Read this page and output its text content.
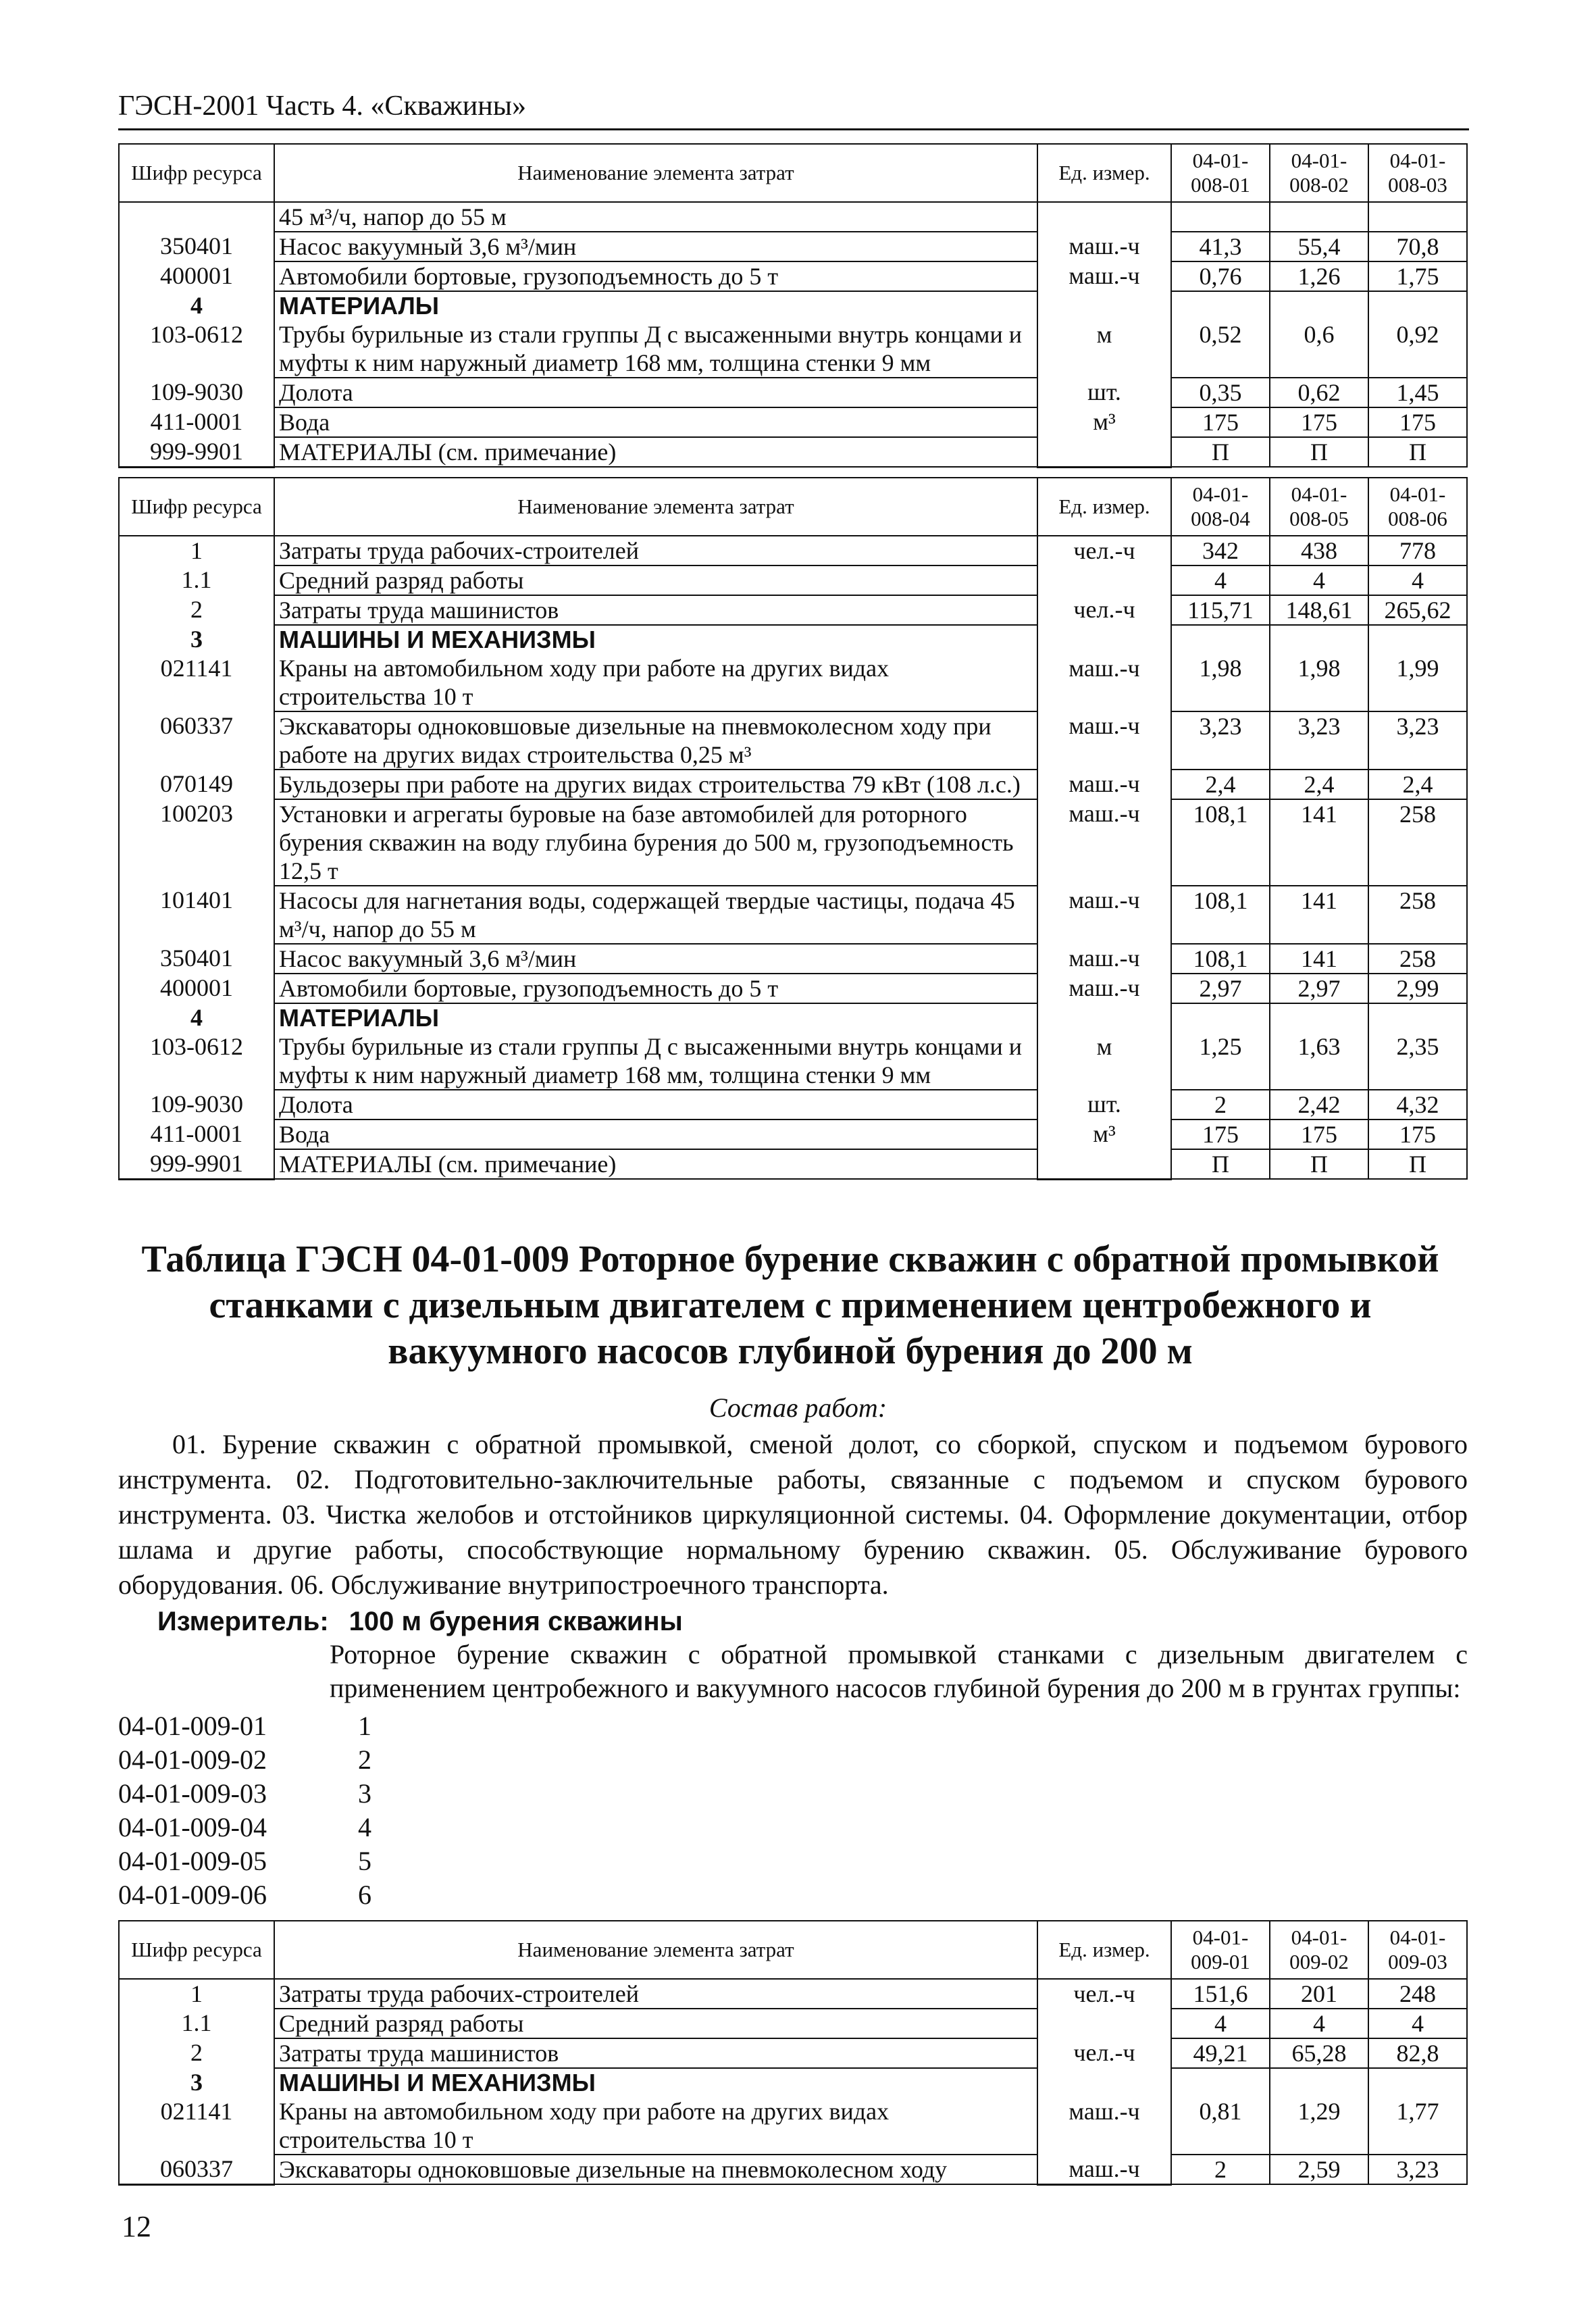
ГЭСН-2001 Часть 4. «Скважины»
Шифр ресурса	Наименование элемента затрат	Ед. измер.	04-01-008-01	04-01-008-02	04-01-008-03
	45 м³/ч, напор до 55 м				
350401	Насос вакуумный 3,6 м³/мин	маш.-ч	41,3	55,4	70,8
400001	Автомобили бортовые, грузоподъемность до 5 т	маш.-ч	0,76	1,26	1,75
4	МАТЕРИАЛЫ				
103-0612	Трубы бурильные из стали группы Д с высаженными внутрь концами и муфты к ним наружный диаметр 168 мм, толщина стенки 9 мм	м	0,52	0,6	0,92
109-9030	Долота	шт.	0,35	0,62	1,45
411-0001	Вода	м³	175	175	175
999-9901	МАТЕРИАЛЫ (см. примечание)		П	П	П
Шифр ресурса	Наименование элемента затрат	Ед. измер.	04-01-008-04	04-01-008-05	04-01-008-06
1	Затраты труда рабочих-строителей	чел.-ч	342	438	778
1.1	Средний разряд работы		4	4	4
2	Затраты труда машинистов	чел.-ч	115,71	148,61	265,62
3	МАШИНЫ И МЕХАНИЗМЫ				
021141	Краны на автомобильном ходу при работе на других видах строительства 10 т	маш.-ч	1,98	1,98	1,99
060337	Экскаваторы одноковшовые дизельные на пневмоколесном ходу при работе на других видах строительства 0,25 м³	маш.-ч	3,23	3,23	3,23
070149	Бульдозеры при работе на других видах строительства 79 кВт (108 л.с.)	маш.-ч	2,4	2,4	2,4
100203	Установки и агрегаты буровые на базе автомобилей для роторного бурения скважин на воду глубина бурения до 500 м, грузоподъемность 12,5 т	маш.-ч	108,1	141	258
101401	Насосы для нагнетания воды, содержащей твердые частицы, подача 45 м³/ч, напор до 55 м	маш.-ч	108,1	141	258
350401	Насос вакуумный 3,6 м³/мин	маш.-ч	108,1	141	258
400001	Автомобили бортовые, грузоподъемность до 5 т	маш.-ч	2,97	2,97	2,99
4	МАТЕРИАЛЫ				
103-0612	Трубы бурильные из стали группы Д с высаженными внутрь концами и муфты к ним наружный диаметр 168 мм, толщина стенки 9 мм	м	1,25	1,63	2,35
109-9030	Долота	шт.	2	2,42	4,32
411-0001	Вода	м³	175	175	175
999-9901	МАТЕРИАЛЫ (см. примечание)		П	П	П
Таблица ГЭСН 04-01-009 Роторное бурение скважин с обратной промывкой станками с дизельным двигателем с применением центробежного и вакуумного насосов глубиной бурения до 200 м
Состав работ:
01. Бурение скважин с обратной промывкой, сменой долот, со сборкой, спуском и подъемом бурового инструмента. 02. Подготовительно-заключительные работы, связанные с подъемом и спуском бурового инструмента. 03. Чистка желобов и отстойников циркуляционной системы. 04. Оформление документации, отбор шлама и другие работы, способствующие нормальному бурению скважин. 05. Обслуживание бурового оборудования. 06. Обслуживание внутрипостроечного транспорта.
Измеритель: 100 м бурения скважины
Роторное бурение скважин с обратной промывкой станками с дизельным двигателем с применением центробежного и вакуумного насосов глубиной бурения до 200 м в грунтах группы:
04-01-009-01	1
04-01-009-02	2
04-01-009-03	3
04-01-009-04	4
04-01-009-05	5
04-01-009-06	6
Шифр ресурса	Наименование элемента затрат	Ед. измер.	04-01-009-01	04-01-009-02	04-01-009-03
1	Затраты труда рабочих-строителей	чел.-ч	151,6	201	248
1.1	Средний разряд работы		4	4	4
2	Затраты труда машинистов	чел.-ч	49,21	65,28	82,8
3	МАШИНЫ И МЕХАНИЗМЫ				
021141	Краны на автомобильном ходу при работе на других видах строительства 10 т	маш.-ч	0,81	1,29	1,77
060337	Экскаваторы одноковшовые дизельные на пневмоколесном ходу	маш.-ч	2	2,59	3,23
12
